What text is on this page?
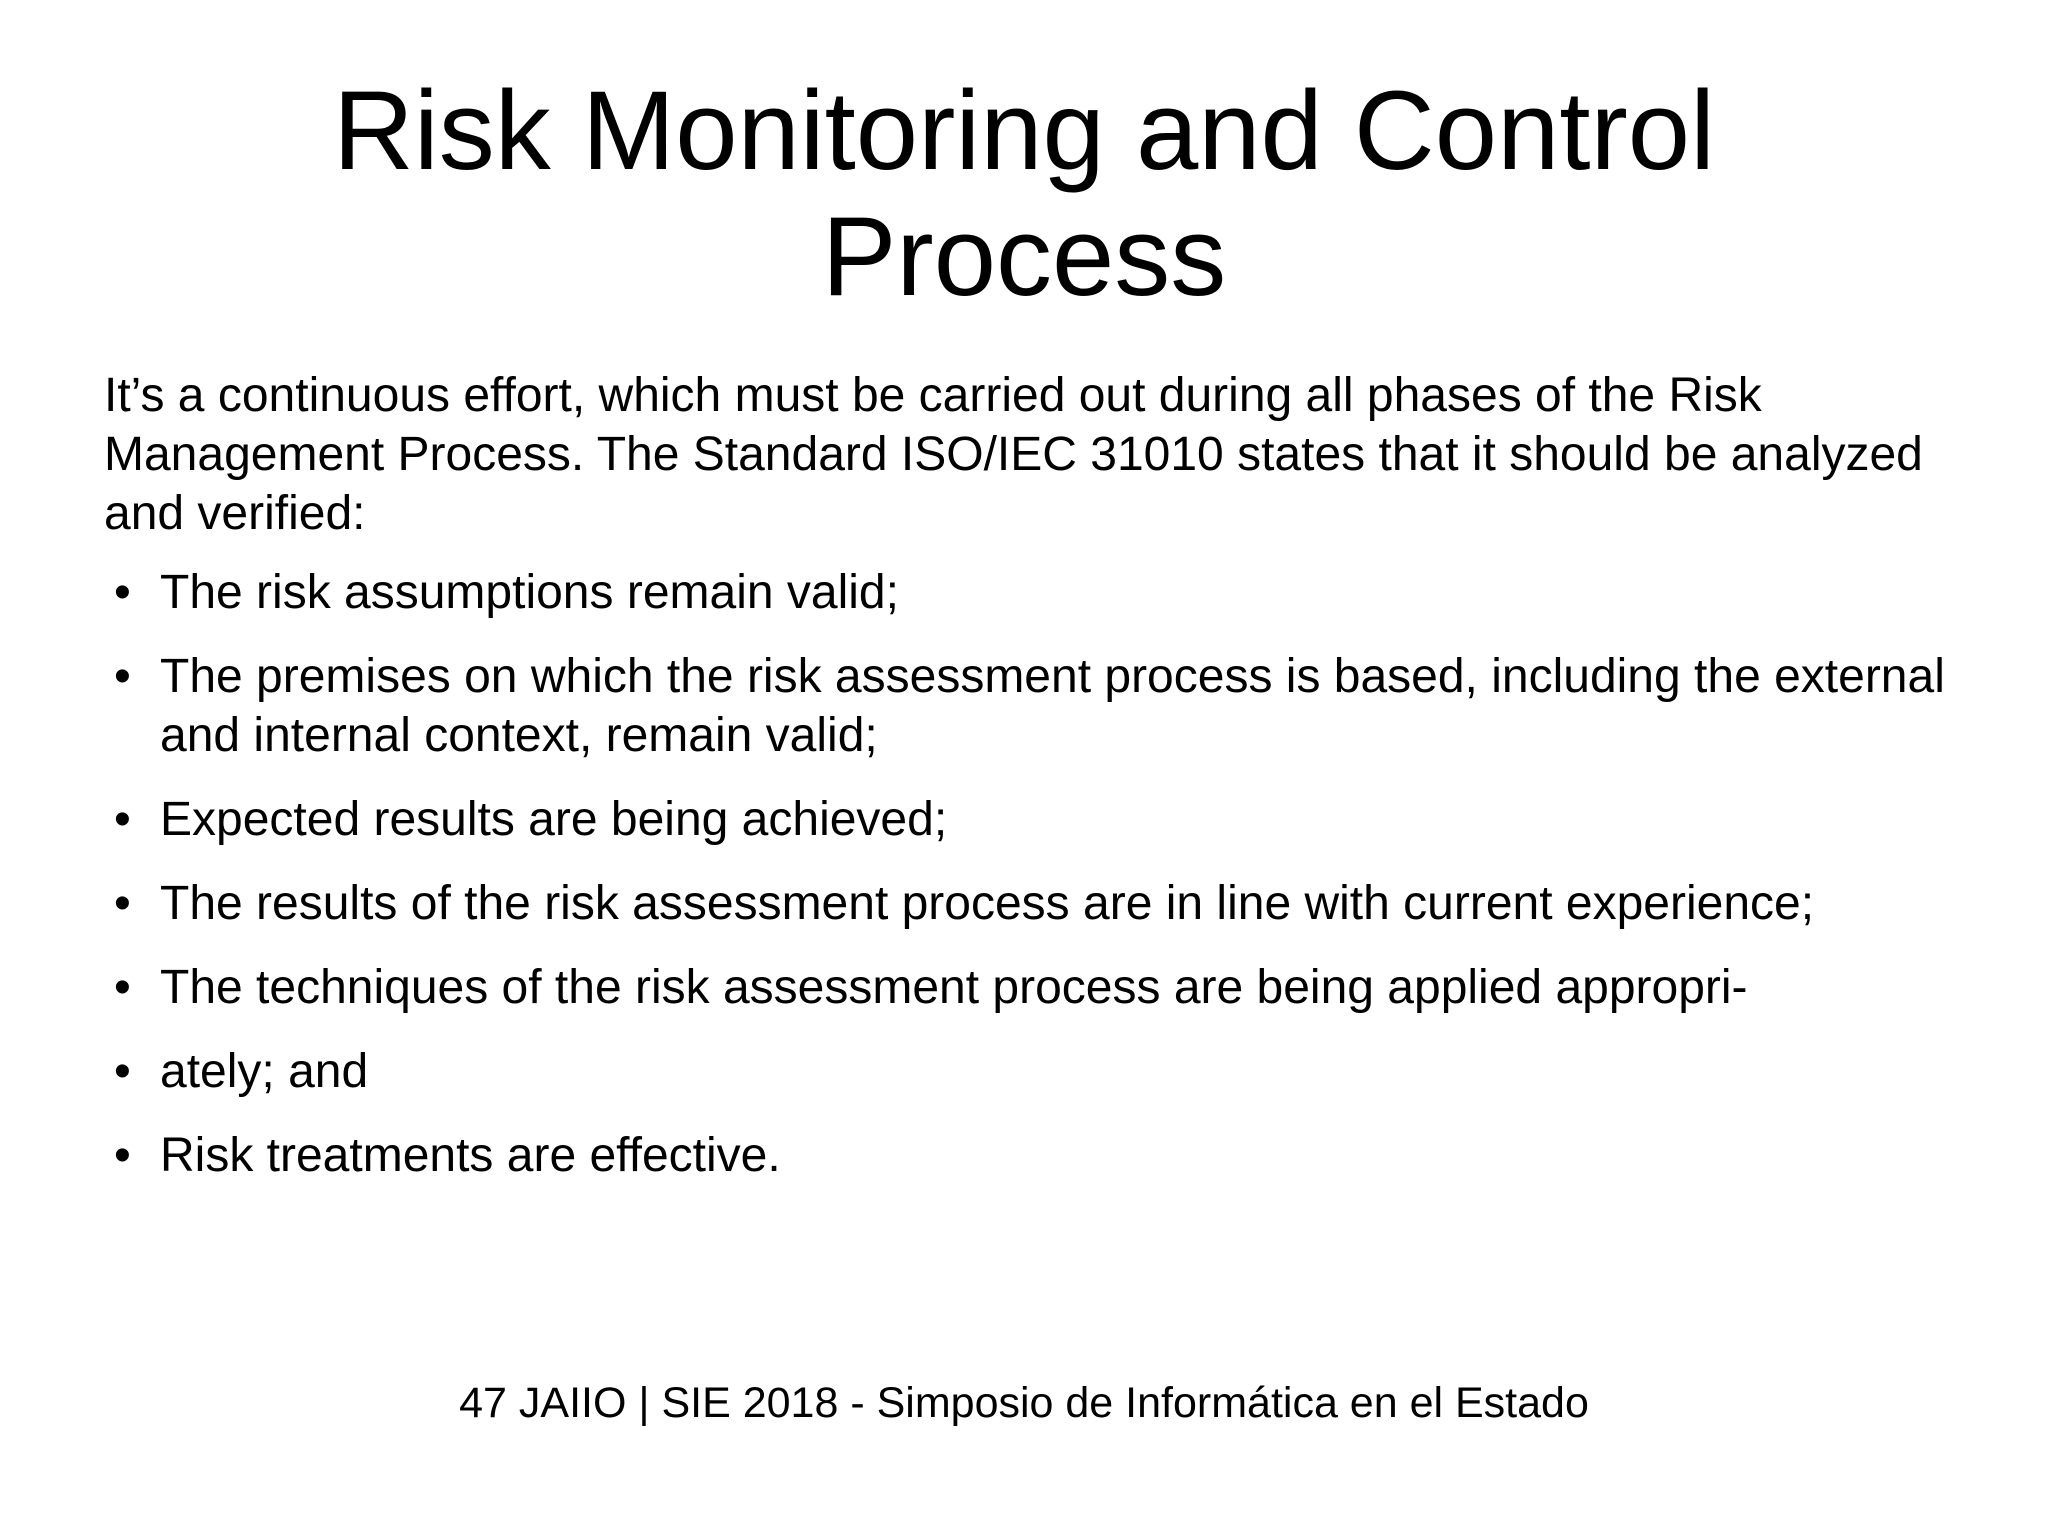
Risk Monitoring and Control
Process

It’s a continuous effort, which must be carried out during all phases of the Risk Management Process. The Standard ISO/IEC 31010 states that it should be analyzed and verified:

• The risk assumptions remain valid;
• The premises on which the risk assessment process is based, including the external and internal context, remain valid;
• Expected results are being achieved;
• The results of the risk assessment process are in line with current experience;
• The techniques of the risk assessment process are being applied appropri-
• ately; and
• Risk treatments are effective.
47 JAIIO | SIE 2018 - Simposio de Informática en el Estado
